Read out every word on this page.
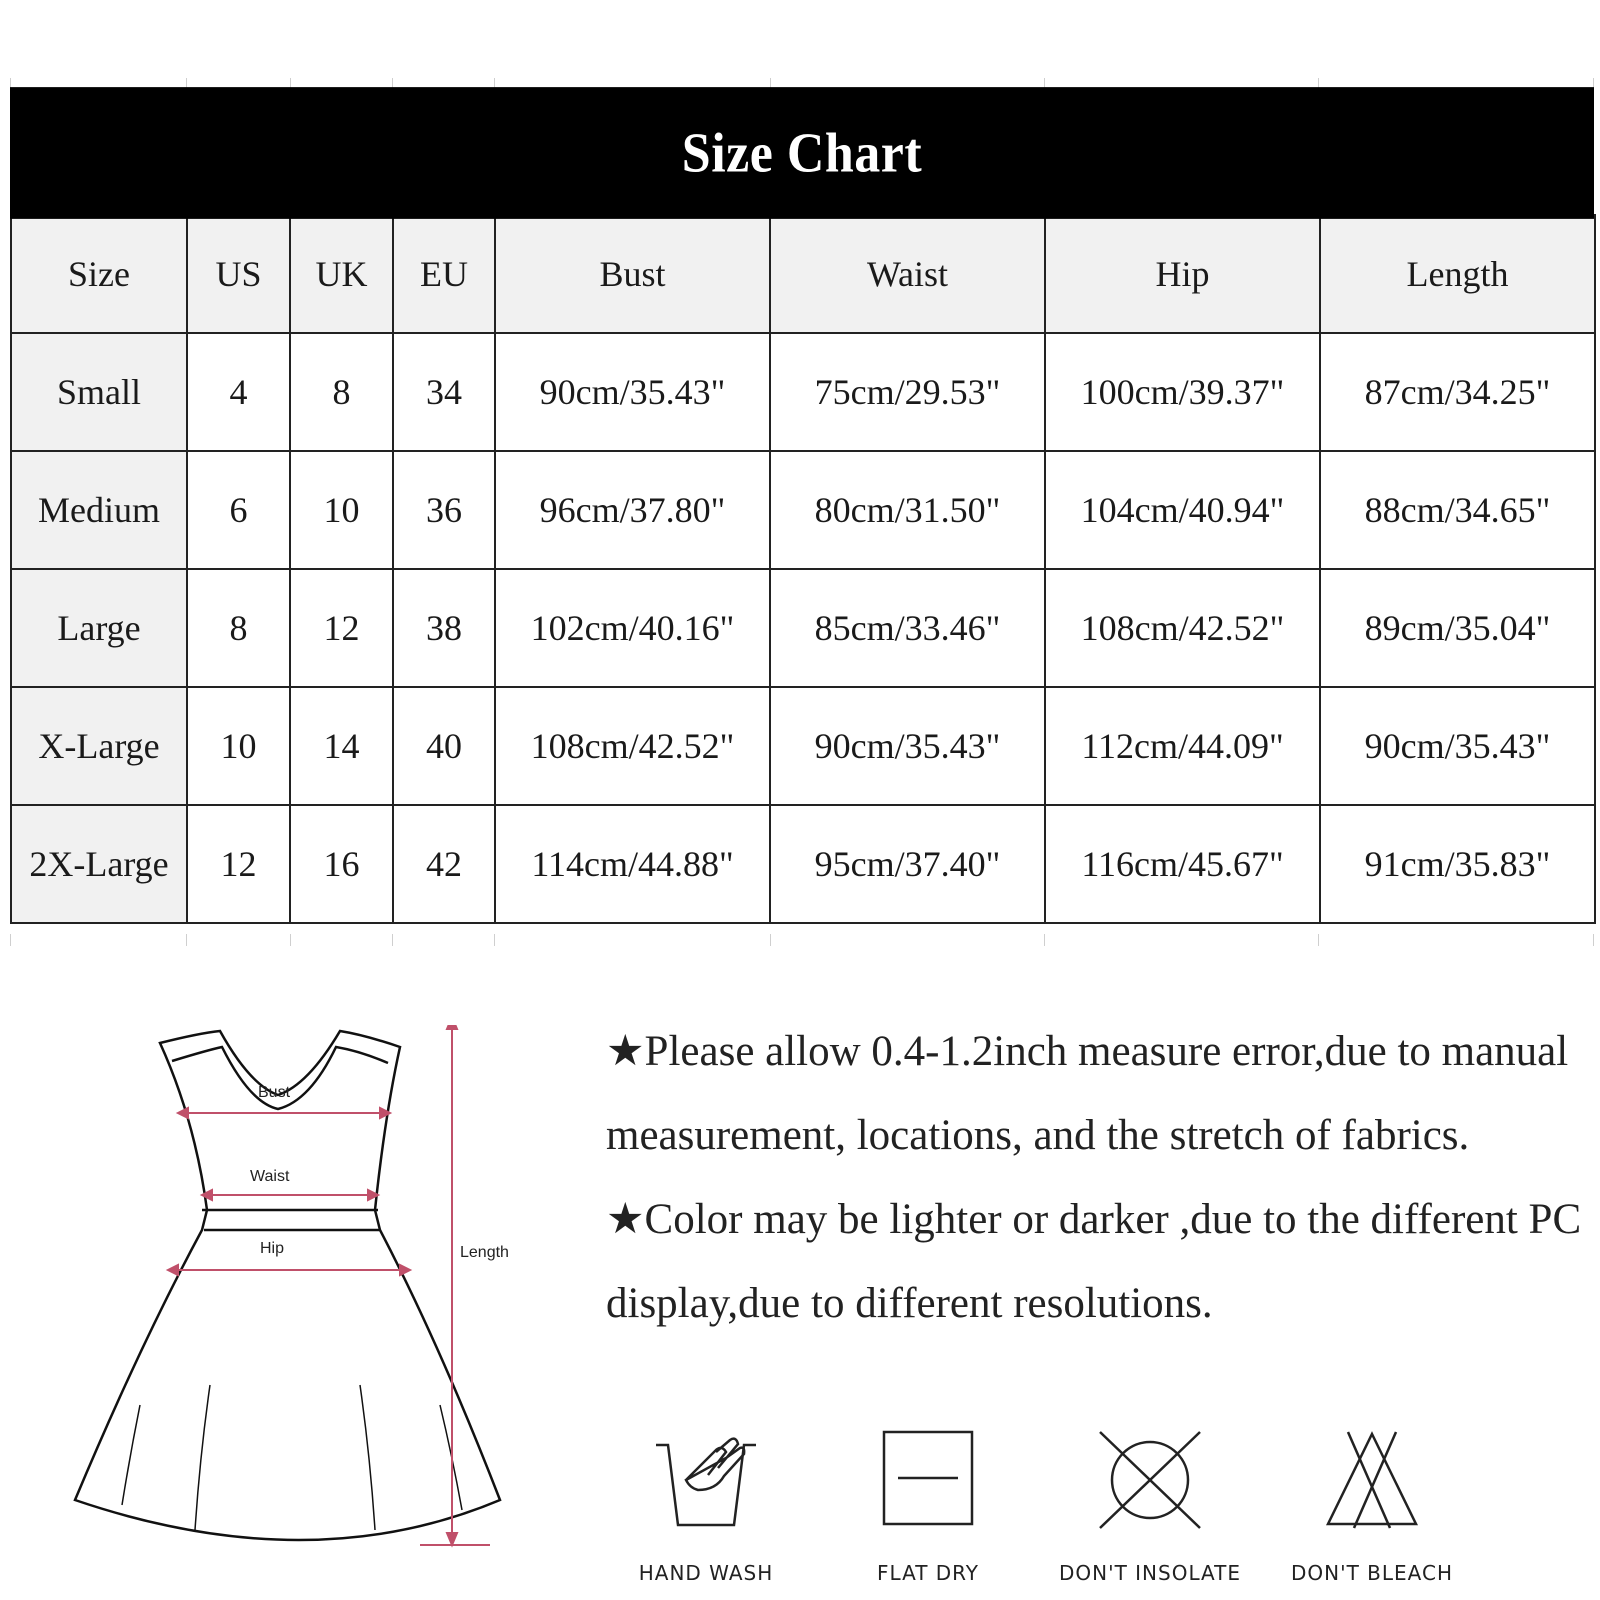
Size Chart
Size	US	UK	EU	Bust	Waist	Hip	Length
Small	4	8	34	90cm/35.43"	75cm/29.53"	100cm/39.37"	87cm/34.25"
Medium	6	10	36	96cm/37.80"	80cm/31.50"	104cm/40.94"	88cm/34.65"
Large	8	12	38	102cm/40.16"	85cm/33.46"	108cm/42.52"	89cm/35.04"
X-Large	10	14	40	108cm/42.52"	90cm/35.43"	112cm/44.09"	90cm/35.43"
2X-Large	12	16	42	114cm/44.88"	95cm/37.40"	116cm/45.67"	91cm/35.83"
Bust
Waist
Hip	Length

★Please allow 0.4-1.2inch measure error,due to manual measurement, locations, and the stretch of fabrics.

★Color may be lighter or darker ,due to the different PC display,due to different resolutions.

HAND WASH	FLAT DRY	DON'T INSOLATE	DON'T BLEACH
